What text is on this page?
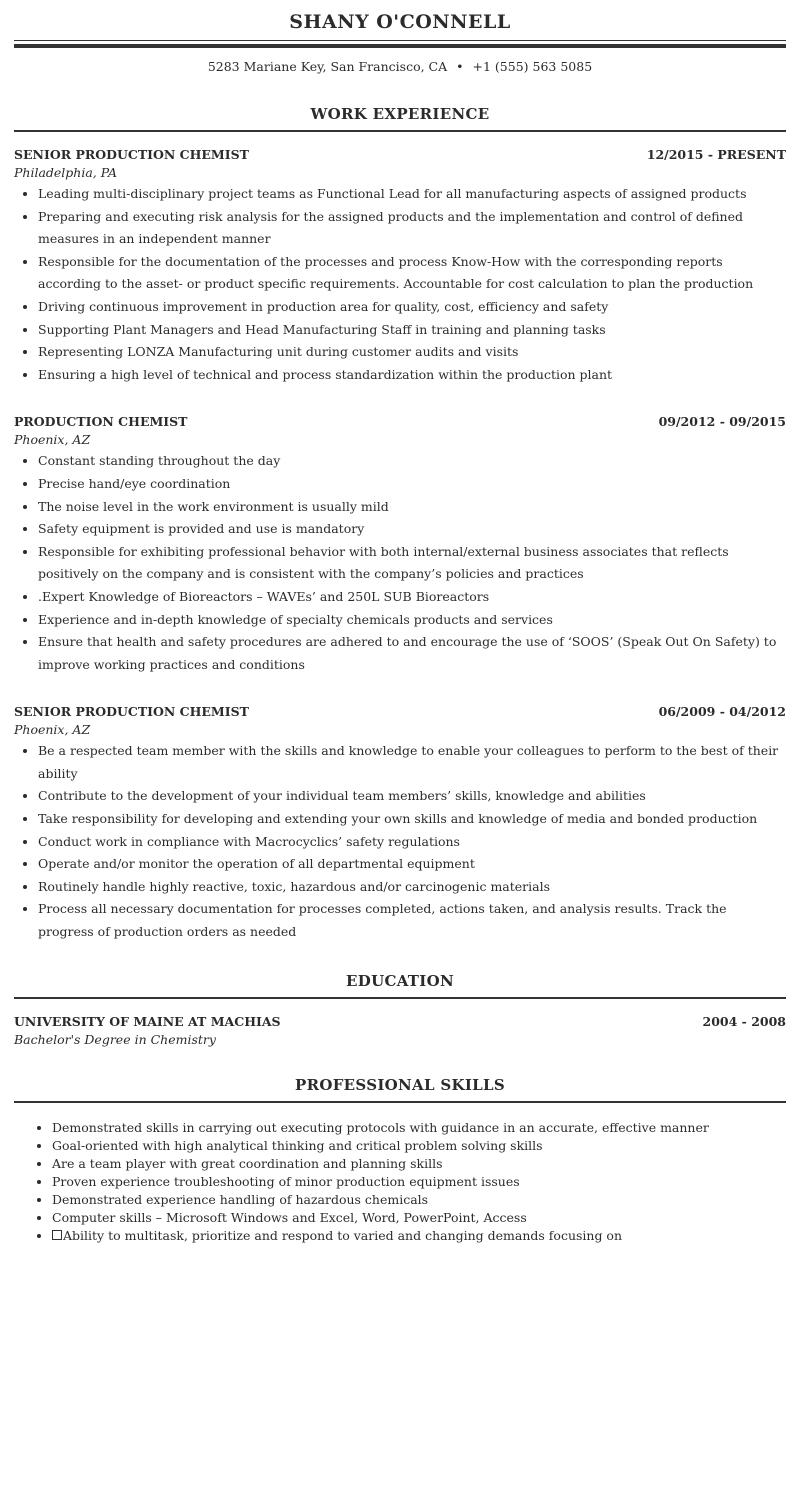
SHANY O'CONNELL
5283 Mariane Key, San Francisco, CA • +1 (555) 563 5085
WORK EXPERIENCE
SENIOR PRODUCTION CHEMIST	12/2015 - PRESENT
Philadelphia, PA
• Leading multi-disciplinary project teams as Functional Lead for all manufacturing aspects of assigned products
• Preparing and executing risk analysis for the assigned products and the implementation and control of defined measures in an independent manner
• Responsible for the documentation of the processes and process Know-How with the corresponding reports according to the asset- or product specific requirements. Accountable for cost calculation to plan the production
• Driving continuous improvement in production area for quality, cost, efficiency and safety
• Supporting Plant Managers and Head Manufacturing Staff in training and planning tasks
• Representing LONZA Manufacturing unit during customer audits and visits
• Ensuring a high level of technical and process standardization within the production plant
PRODUCTION CHEMIST	09/2012 - 09/2015
Phoenix, AZ
• Constant standing throughout the day
• Precise hand/eye coordination
• The noise level in the work environment is usually mild
• Safety equipment is provided and use is mandatory
• Responsible for exhibiting professional behavior with both internal/external business associates that reflects positively on the company and is consistent with the company’s policies and practices
• .Expert Knowledge of Bioreactors – WAVEs’ and 250L SUB Bioreactors
• Experience and in-depth knowledge of specialty chemicals products and services
• Ensure that health and safety procedures are adhered to and encourage the use of ‘SOOS’ (Speak Out On Safety) to improve working practices and conditions
SENIOR PRODUCTION CHEMIST	06/2009 - 04/2012
Phoenix, AZ
• Be a respected team member with the skills and knowledge to enable your colleagues to perform to the best of their ability
• Contribute to the development of your individual team members’ skills, knowledge and abilities
• Take responsibility for developing and extending your own skills and knowledge of media and bonded production
• Conduct work in compliance with Macrocyclics’ safety regulations
• Operate and/or monitor the operation of all departmental equipment
• Routinely handle highly reactive, toxic, hazardous and/or carcinogenic materials
• Process all necessary documentation for processes completed, actions taken, and analysis results. Track the progress of production orders as needed
EDUCATION
UNIVERSITY OF MAINE AT MACHIAS	2004 - 2008
Bachelor's Degree in Chemistry
PROFESSIONAL SKILLS
• Demonstrated skills in carrying out executing protocols with guidance in an accurate, effective manner
• Goal-oriented with high analytical thinking and critical problem solving skills
• Are a team player with great coordination and planning skills
• Proven experience troubleshooting of minor production equipment issues
• Demonstrated experience handling of hazardous chemicals
• Computer skills – Microsoft Windows and Excel, Word, PowerPoint, Access
• Ability to multitask, prioritize and respond to varied and changing demands focusing on
